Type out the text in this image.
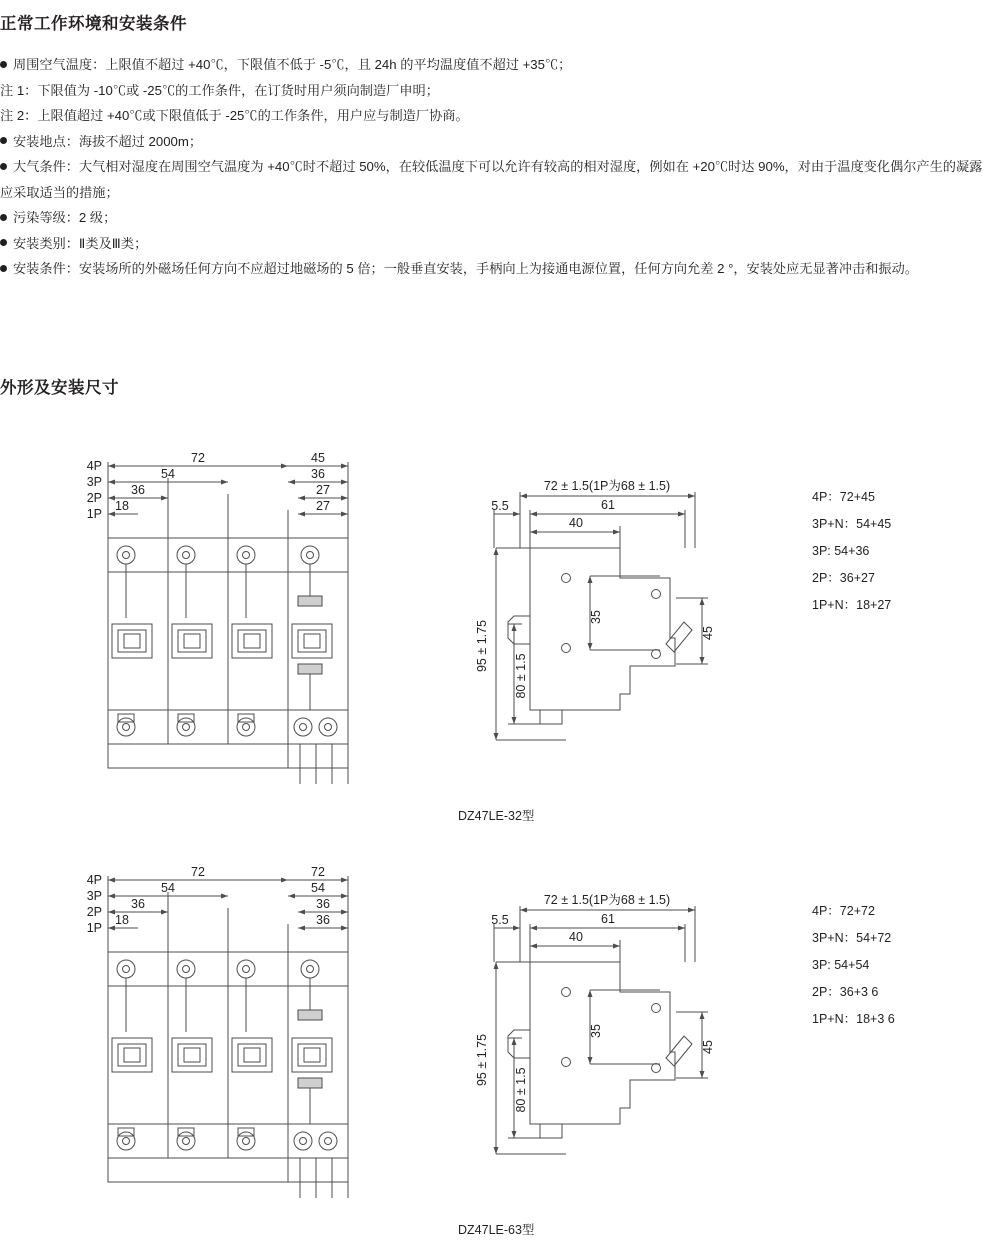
正常工作环境和安装条件
周围空气温度：上限值不超过 +40℃，下限值不低于 -5℃，且 24h 的平均温度值不超过 +35℃；
注 1：下限值为 -10℃或 -25℃的工作条件，在订货时用户须向制造厂申明；
注 2：上限值超过 +40℃或下限值低于 -25℃的工作条件，用户应与制造厂协商。
安装地点：海拔不超过 2000m；
大气条件：大气相对湿度在周围空气温度为 +40℃时不超过 50%，在较低温度下可以允许有较高的相对湿度，例如在 +20℃时达 90%，对由于温度变化偶尔产生的凝露应采取适当的措施；
污染等级：2 级；
安装类别：Ⅱ类及Ⅲ类；
安装条件：安装场所的外磁场任何方向不应超过地磁场的 5 倍；一般垂直安装，手柄向上为接通电源位置，任何方向允差 2 °，安装处应无显著冲击和振动。
外形及安装尺寸
72
54
36
18
45
36
27
27
4P
3P
2P
1P
72 ± 1.5(1P为68 ± 1.5)
5.5	61
40
35
45
80 ± 1.5
95 ± 1.75
4P：72+45
3P+N：54+45
3P: 54+36
2P：36+27
1P+N：18+27
DZ47LE-32型
72
54
36
18
72
54
36
36
4P
3P
2P
1P
72 ± 1.5(1P为68 ± 1.5)
5.5	61
40
35
45
80 ± 1.5
95 ± 1.75
4P：72+72
3P+N：54+72
3P: 54+54
2P：36+3 6
1P+N：18+3 6
DZ47LE-63型
